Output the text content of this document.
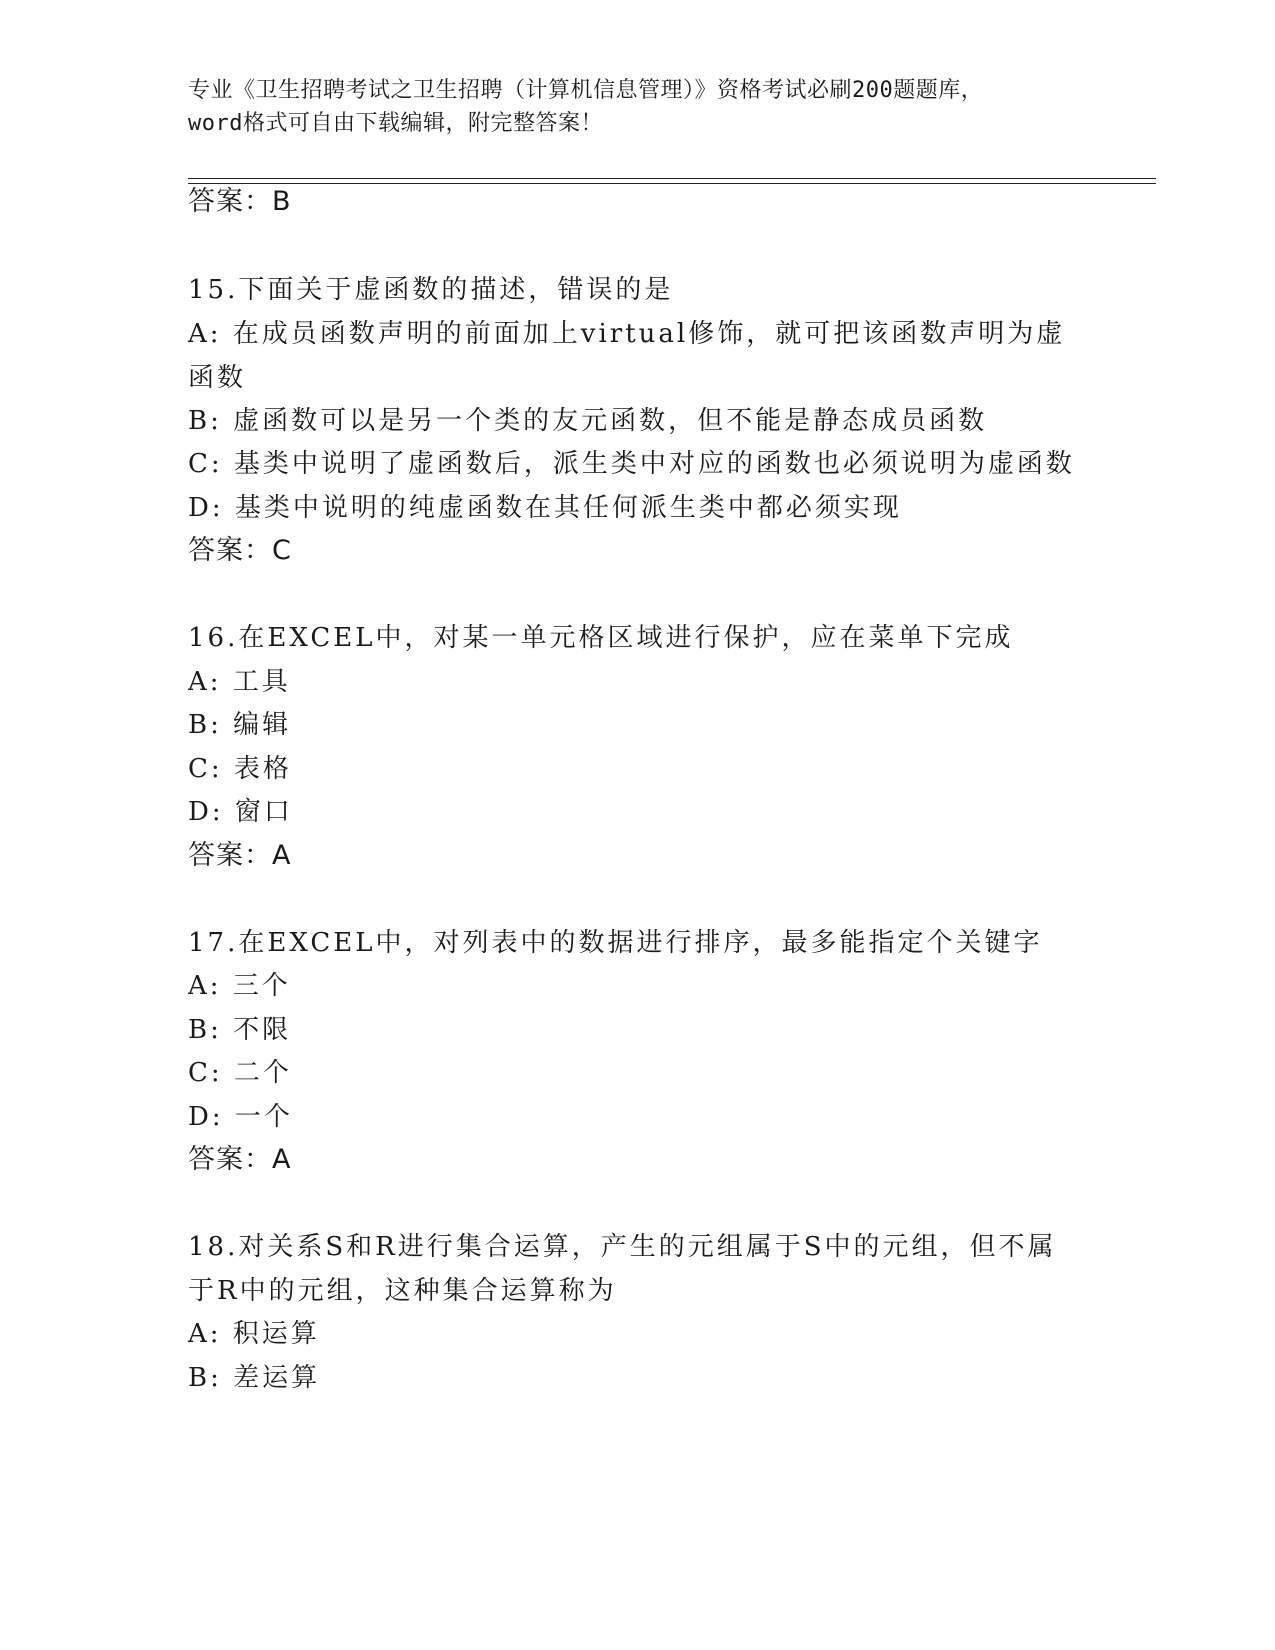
专业《卫生招聘考试之卫生招聘（计算机信息管理）》资格考试必刷200题题库，
word格式可自由下载编辑，附完整答案！
答案：B
15.下面关于虚函数的描述，错误的是
A: 在成员函数声明的前面加上virtual修饰，就可把该函数声明为虚
函数
B: 虚函数可以是另一个类的友元函数，但不能是静态成员函数
C: 基类中说明了虚函数后，派生类中对应的函数也必须说明为虚函数
D: 基类中说明的纯虚函数在其任何派生类中都必须实现
答案：C
16.在EXCEL中，对某一单元格区域进行保护，应在菜单下完成
A: 工具
B: 编辑
C: 表格
D: 窗口
答案：A
17.在EXCEL中，对列表中的数据进行排序，最多能指定个关键字
A: 三个
B: 不限
C: 二个
D: 一个
答案：A
18.对关系S和R进行集合运算，产生的元组属于S中的元组，但不属
于R中的元组，这种集合运算称为
A: 积运算
B: 差运算
